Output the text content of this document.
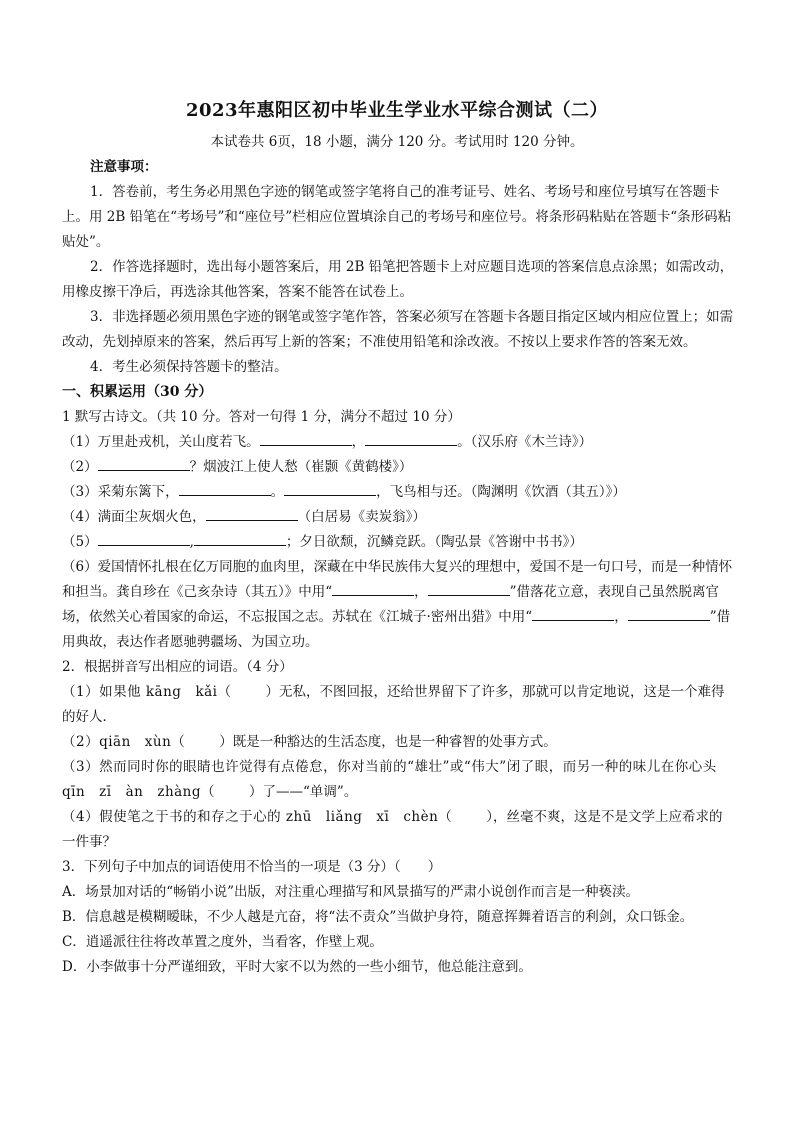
2023年惠阳区初中毕业生学业水平综合测试（二）
本试卷共 6页，18 小题，满分 120 分。考试用时 120 分钟。

注意事项：

1．答卷前，考生务必用黑色字迹的钢笔或签字笔将自己的准考证号、姓名、考场号和座位号填写在答题卡上。用 2B 铅笔在“考场号”和“座位号”栏相应位置填涂自己的考场号和座位号。将条形码粘贴在答题卡“条形码粘贴处”。

2．作答选择题时，选出每小题答案后，用 2B 铅笔把答题卡上对应题目选项的答案信息点涂黑；如需改动，用橡皮擦干净后，再选涂其他答案，答案不能答在试卷上。

3．非选择题必须用黑色字迹的钢笔或签字笔作答，答案必须写在答题卡各题目指定区域内相应位置上；如需改动，先划掉原来的答案，然后再写上新的答案；不准使用铅笔和涂改液。不按以上要求作答的答案无效。

4．考生必须保持答题卡的整洁。

一、积累运用（30 分）

1 默写古诗文。（共 10 分。答对一句得 1 分，满分不超过 10 分）

（1）万里赴戎机，关山度若飞。	，	。（汉乐府《木兰诗》）

（2）	？烟波江上使人愁（崔颢《黄鹤楼》）

（3）采菊东篱下，	。	，飞鸟相与还。（陶渊明《饮酒（其五）》）

（4）满面尘灰烟火色，	（白居易《卖炭翁》）

（5）	,	；夕日欲颓，沉鳞竞跃。（陶弘景《答谢中书书》）

（6）爱国情怀扎根在亿万同胞的血肉里，深藏在中华民族伟大复兴的理想中，爱国不是一句口号，而是一种情怀和担当。龚自珍在《己亥杂诗（其五）》中用“	，	”借落花立意，表现自己虽然脱离官场，依然关心着国家的命运，不忘报国之志。苏轼在《江城子·密州出猎》中用“	，	”借用典故，表达作者愿驰骋疆场、为国立功。

2．根据拼音写出相应的词语。（4 分）

（1）如果他 kāng　kǎi（	）无私，不图回报，还给世界留下了许多，那就可以肯定地说，这是一个难得的好人．

（2）qiān　xùn（	）既是一种豁达的生活态度，也是一种睿智的处事方式。

（3）然而同时你的眼睛也许觉得有点倦怠，你对当前的“雄壮”或“伟大”闭了眼，而另一种的味儿在你心头 qīn　zī　àn　zhàng（	）了——“单调”。

（4）假使笔之于书的和存之于心的 zhū　liǎng　xī　chèn（	），丝毫不爽，这是不是文学上应希求的一件事？

3．下列句子中加点的词语使用不恰当的一项是（3 分）（　　）

A．场景加对话的“畅销小说”出版，对注重心理描写和风景描写的严肃小说创作而言是一种亵渎。

B．信息越是模糊暧昧，不少人越是亢奋，将“法不责众”当做护身符，随意挥舞着语言的利剑，众口铄金。

C．逍遥派往往将改革置之度外，当看客，作壁上观。

D．小李做事十分严谨细致，平时大家不以为然的一些小细节，他总能注意到。
